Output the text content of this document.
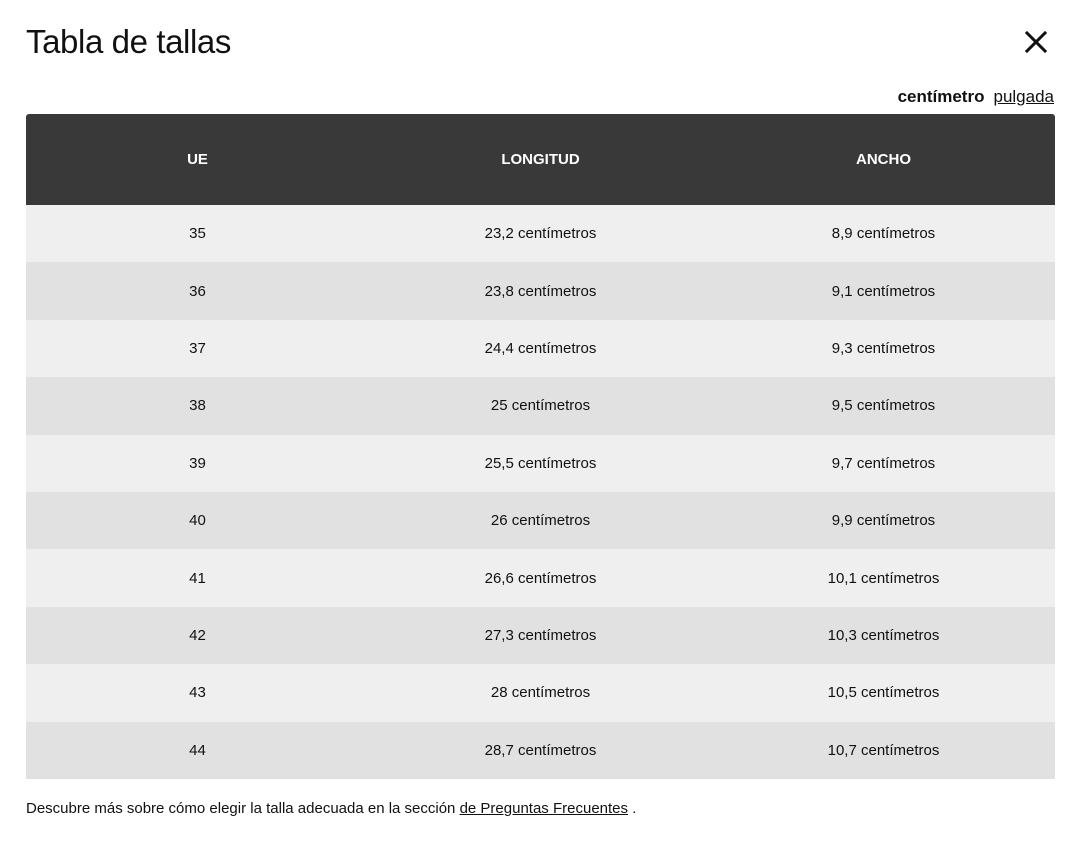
Tabla de tallas
centímetro pulgada
UE	LONGITUD	ANCHO
35	23,2 centímetros	8,9 centímetros
36	23,8 centímetros	9,1 centímetros
37	24,4 centímetros	9,3 centímetros
38	25 centímetros	9,5 centímetros
39	25,5 centímetros	9,7 centímetros
40	26 centímetros	9,9 centímetros
41	26,6 centímetros	10,1 centímetros
42	27,3 centímetros	10,3 centímetros
43	28 centímetros	10,5 centímetros
44	28,7 centímetros	10,7 centímetros
Descubre más sobre cómo elegir la talla adecuada en la sección de Preguntas Frecuentes .
